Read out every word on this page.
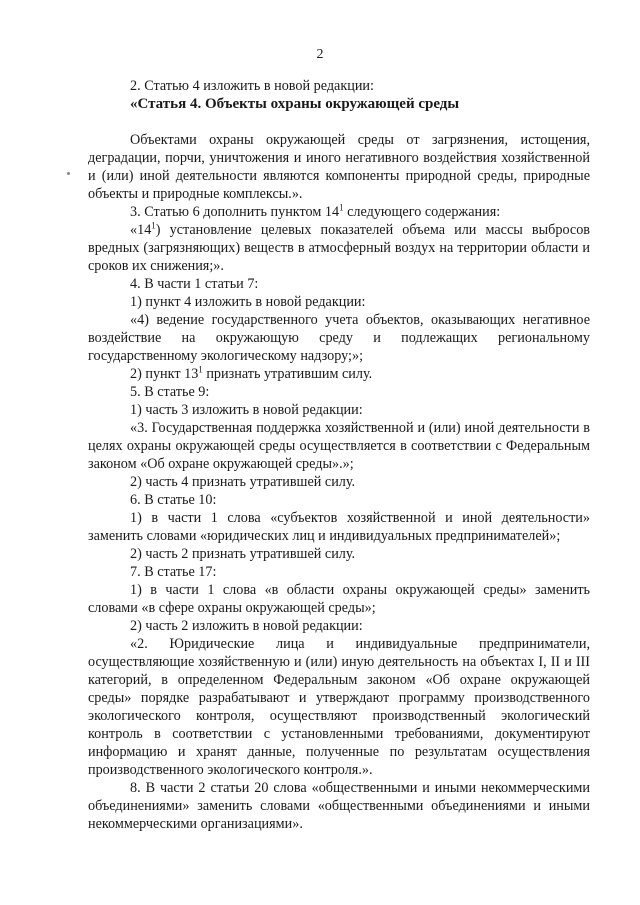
2

2. Статью 4 изложить в новой редакции:

«Статья 4. Объекты охраны окружающей среды

Объектами охраны окружающей среды от загрязнения, истощения, деградации, порчи, уничтожения и иного негативного воздействия хозяйственной и (или) иной деятельности являются компоненты природной среды, природные объекты и природные комплексы.».

3. Статью 6 дополнить пунктом $14^1$ следующего содержания:

«$14^1$) установление целевых показателей объема или массы выбросов вредных (загрязняющих) веществ в атмосферный воздух на территории области и сроков их снижения;».

4. В части 1 статьи 7:

1) пункт 4 изложить в новой редакции:

«4) ведение государственного учета объектов, оказывающих негативное воздействие на окружающую среду и подлежащих региональному государственному экологическому надзору;»;

2) пункт $13^1$ признать утратившим силу.

5. В статье 9:

1) часть 3 изложить в новой редакции:

«3. Государственная поддержка хозяйственной и (или) иной деятельности в целях охраны окружающей среды осуществляется в соответствии с Федеральным законом «Об охране окружающей среды».»;

2) часть 4 признать утратившей силу.

6. В статье 10:

1) в части 1 слова «субъектов хозяйственной и иной деятельности» заменить словами «юридических лиц и индивидуальных предпринимателей»;

2) часть 2 признать утратившей силу.

7. В статье 17:

1) в части 1 слова «в области охраны окружающей среды» заменить словами «в сфере охраны окружающей среды»;

2) часть 2 изложить в новой редакции:

«2. Юридические лица и индивидуальные предприниматели, осуществляющие хозяйственную и (или) иную деятельность на объектах I, II и III категорий, в определенном Федеральным законом «Об охране окружающей среды» порядке разрабатывают и утверждают программу производственного экологического контроля, осуществляют производственный экологический контроль в соответствии с установленными требованиями, документируют информацию и хранят данные, полученные по результатам осуществления производственного экологического контроля.».

8. В части 2 статьи 20 слова «общественными и иными некоммерческими объединениями» заменить словами «общественными объединениями и иными некоммерческими организациями».
